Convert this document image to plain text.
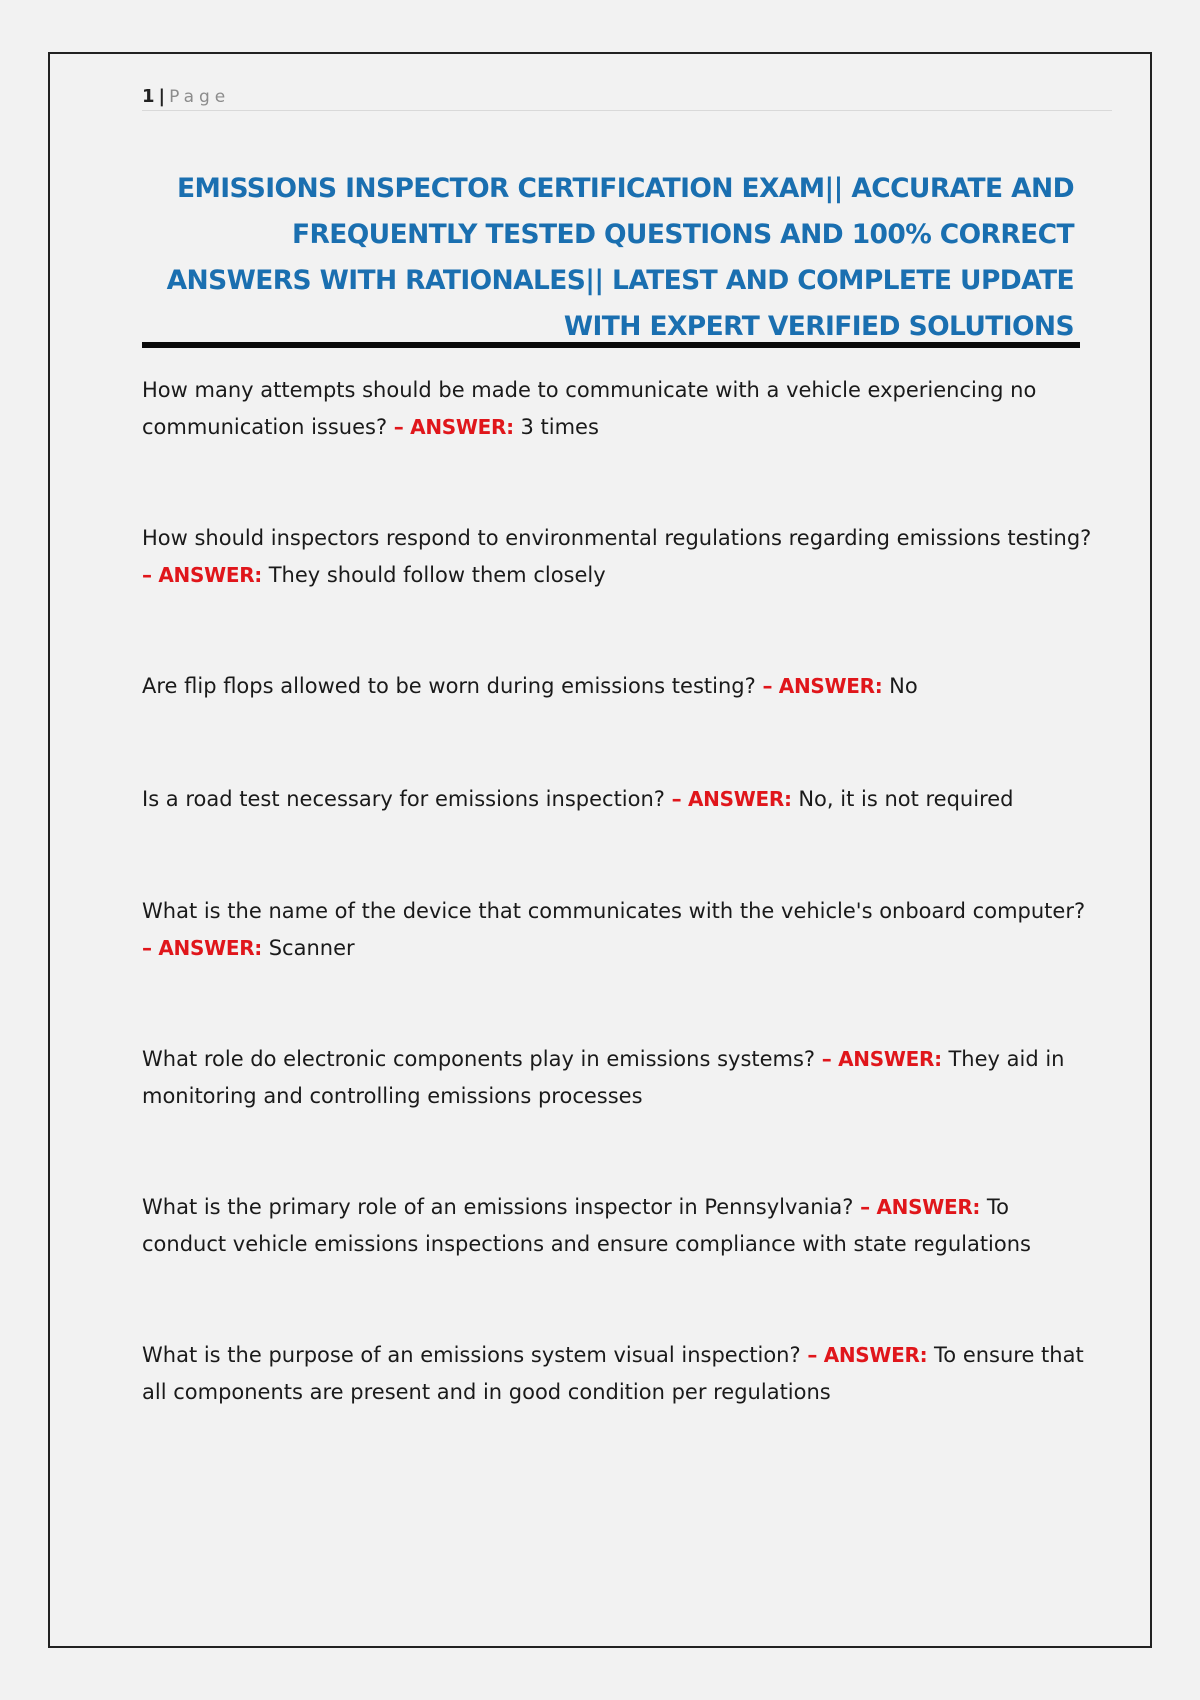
1 | Page
EMISSIONS INSPECTOR CERTIFICATION EXAM|| ACCURATE AND FREQUENTLY TESTED QUESTIONS AND 100% CORRECT ANSWERS WITH RATIONALES|| LATEST AND COMPLETE UPDATE WITH EXPERT VERIFIED SOLUTIONS

How many attempts should be made to communicate with a vehicle experiencing no communication issues? – ANSWER: 3 times

How should inspectors respond to environmental regulations regarding emissions testing? – ANSWER: They should follow them closely

Are flip flops allowed to be worn during emissions testing? – ANSWER: No

Is a road test necessary for emissions inspection? – ANSWER: No, it is not required

What is the name of the device that communicates with the vehicle's onboard computer? – ANSWER: Scanner

What role do electronic components play in emissions systems? – ANSWER: They aid in monitoring and controlling emissions processes

What is the primary role of an emissions inspector in Pennsylvania? – ANSWER: To conduct vehicle emissions inspections and ensure compliance with state regulations

What is the purpose of an emissions system visual inspection? – ANSWER: To ensure that all components are present and in good condition per regulations
